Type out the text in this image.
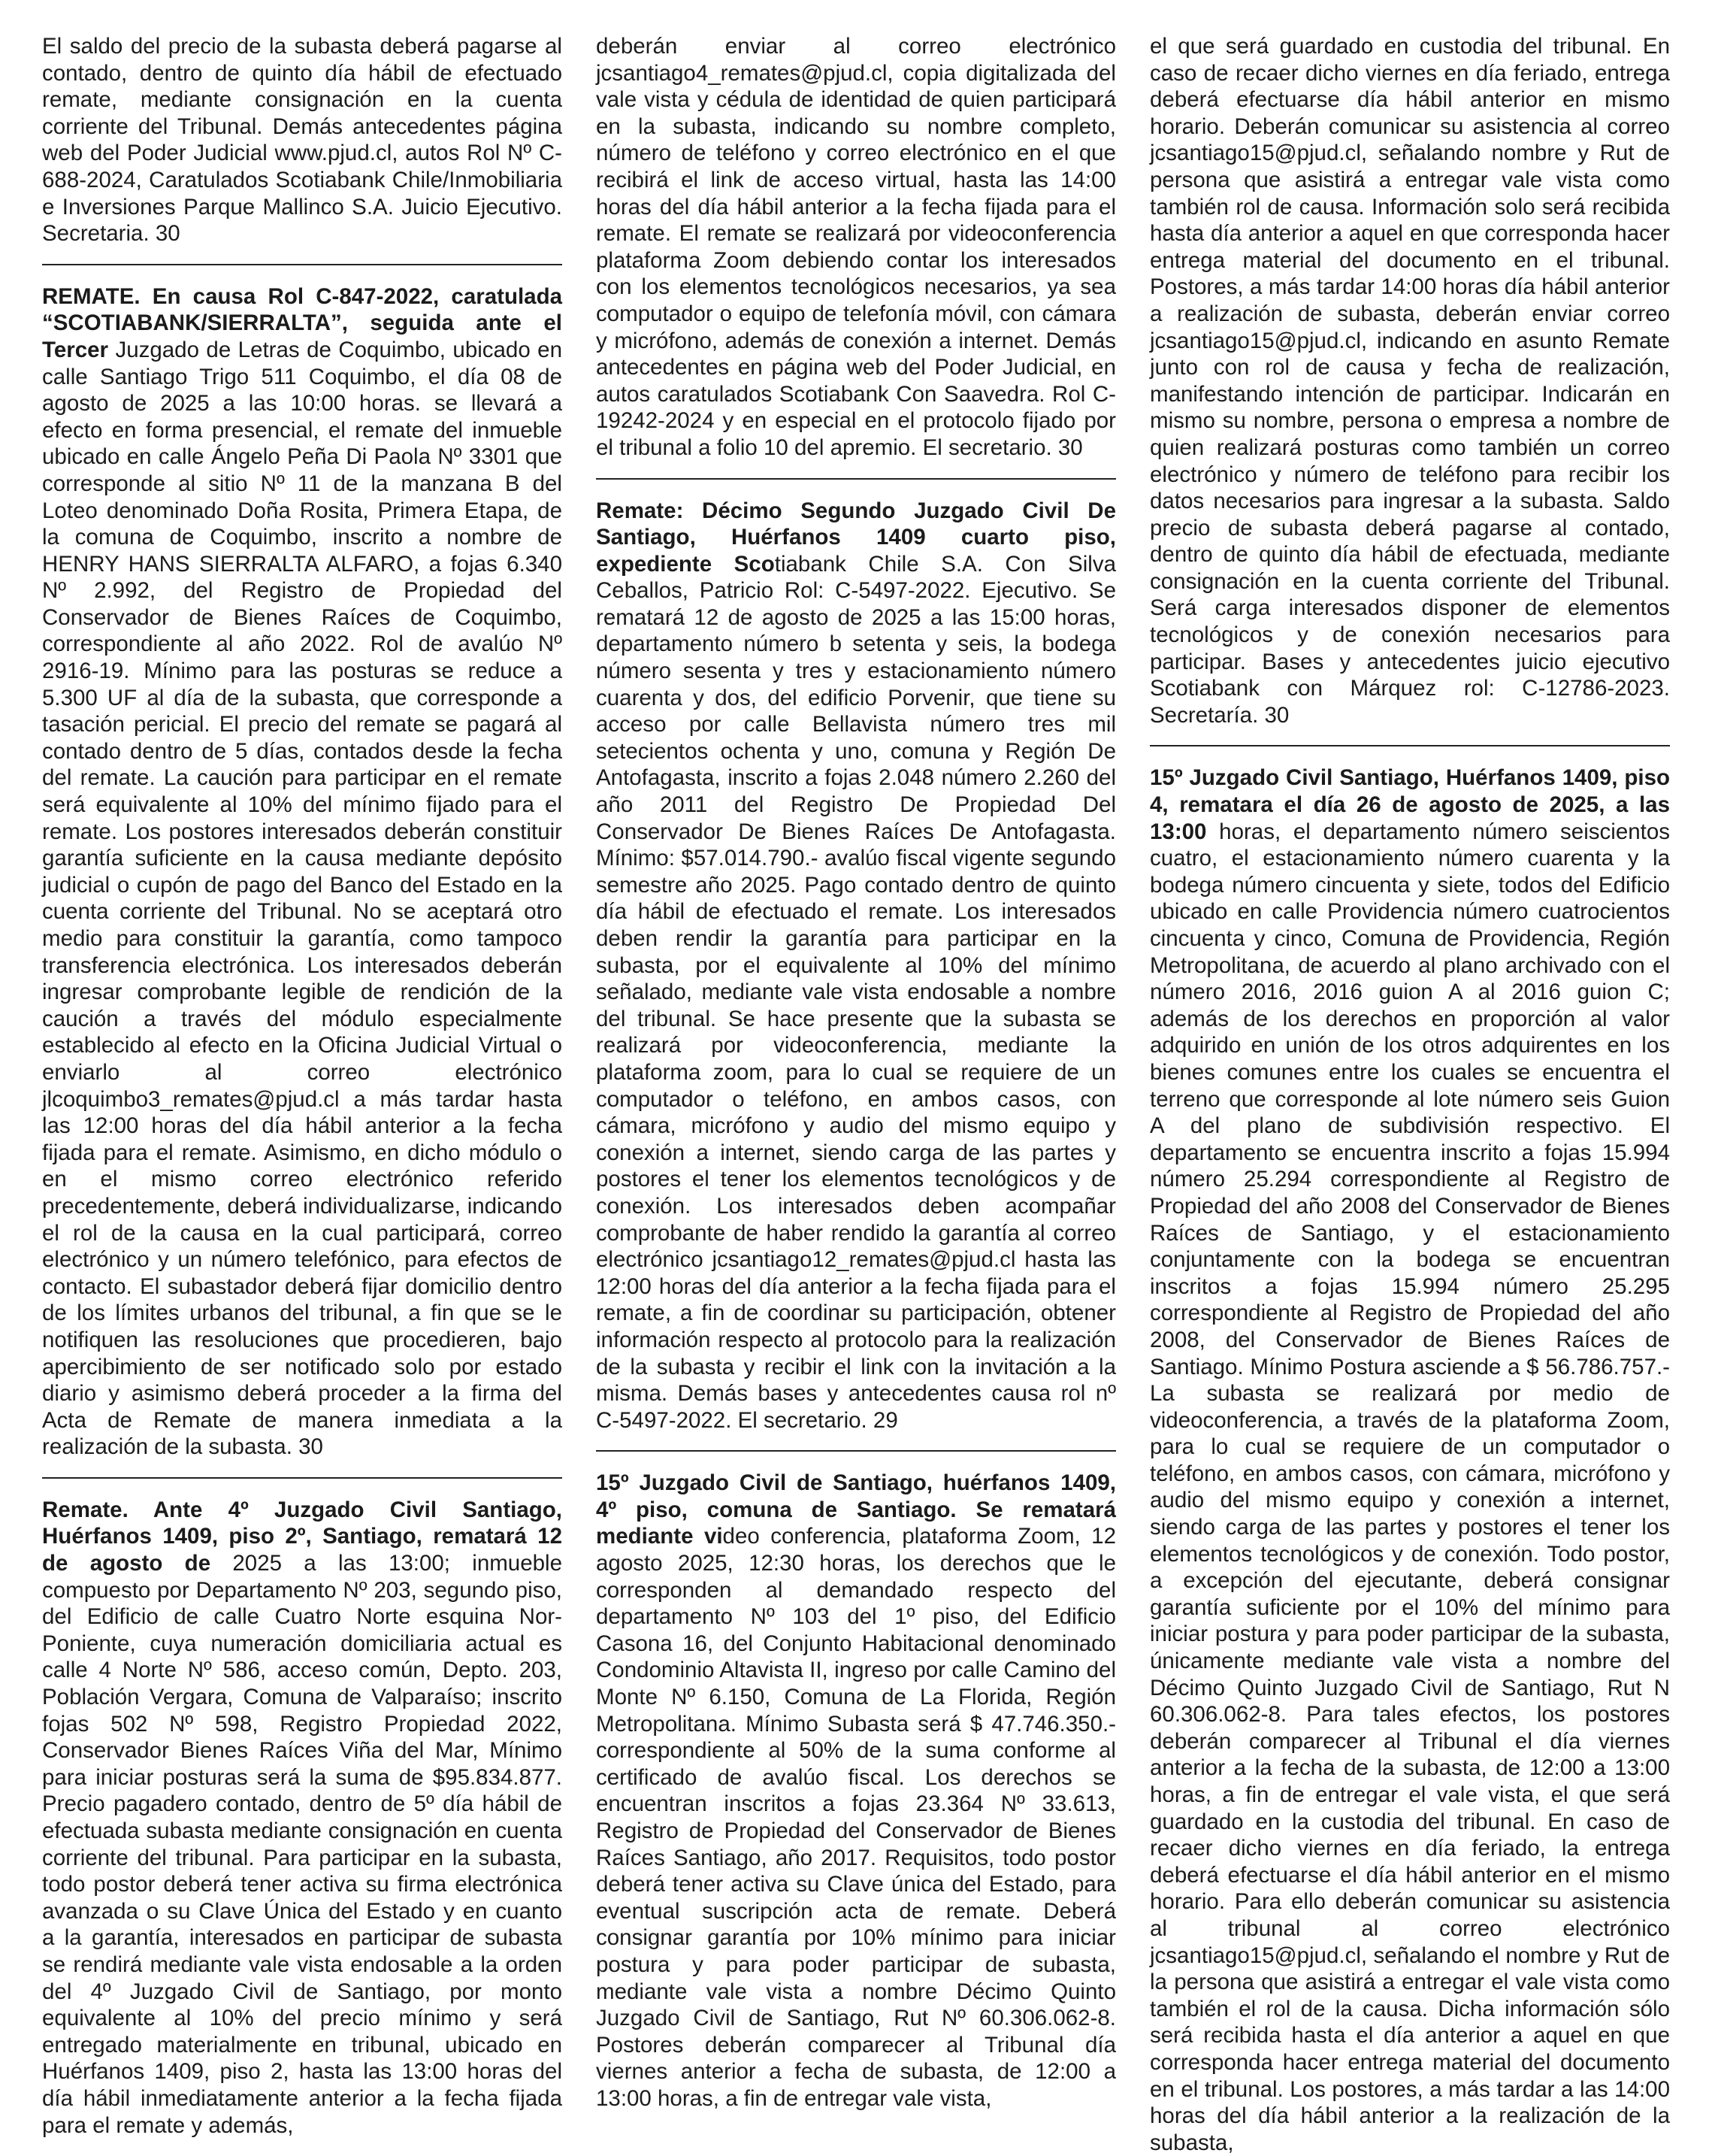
El saldo del precio de la subasta deberá pagarse al contado, dentro de quinto día hábil de efectuado remate, mediante consignación en la cuenta corriente del Tribunal. Demás antecedentes página web del Poder Judicial www.pjud.cl, autos Rol Nº C-688-2024, Caratulados Scotiabank Chile/Inmobiliaria e Inversiones Parque Mallinco S.A. Juicio Ejecutivo. Secretaria. 30

REMATE. En causa Rol C-847-2022, caratulada “SCOTIABANK/SIERRALTA”, seguida ante el Tercer Juzgado de Letras de Coquimbo, ubicado en calle Santiago Trigo 511 Coquimbo, el día 08 de agosto de 2025 a las 10:00 horas. se llevará a efecto en forma presencial, el remate del inmueble ubicado en calle Ángelo Peña Di Paola Nº 3301 que corresponde al sitio Nº 11 de la manzana B del Loteo denominado Doña Rosita, Primera Etapa, de la comuna de Coquimbo, inscrito a nombre de HENRY HANS SIERRALTA ALFARO, a fojas 6.340 Nº 2.992, del Registro de Propiedad del Conservador de Bienes Raíces de Coquimbo, correspondiente al año 2022. Rol de avalúo Nº 2916-19. Mínimo para las posturas se reduce a 5.300 UF al día de la subasta, que corresponde a tasación pericial. El precio del remate se pagará al contado dentro de 5 días, contados desde la fecha del remate. La caución para participar en el remate será equivalente al 10% del mínimo fijado para el remate. Los postores interesados deberán constituir garantía suficiente en la causa mediante depósito judicial o cupón de pago del Banco del Estado en la cuenta corriente del Tribunal. No se aceptará otro medio para constituir la garantía, como tampoco transferencia electrónica. Los interesados deberán ingresar comprobante legible de rendición de la caución a través del módulo especialmente establecido al efecto en la Oficina Judicial Virtual o enviarlo al correo electrónico jlcoquimbo3_remates@pjud.cl a más tardar hasta las 12:00 horas del día hábil anterior a la fecha fijada para el remate. Asimismo, en dicho módulo o en el mismo correo electrónico referido precedentemente, deberá individualizarse, indicando el rol de la causa en la cual participará, correo electrónico y un número telefónico, para efectos de contacto. El subastador deberá fijar domicilio dentro de los límites urbanos del tribunal, a fin que se le notifiquen las resoluciones que procedieren, bajo apercibimiento de ser notificado solo por estado diario y asimismo deberá proceder a la firma del Acta de Remate de manera inmediata a la realización de la subasta. 30

Remate. Ante 4º Juzgado Civil Santiago, Huérfanos 1409, piso 2º, Santiago, rematará 12 de agosto de 2025 a las 13:00; inmueble compuesto por Departamento Nº 203, segundo piso, del Edificio de calle Cuatro Norte esquina Nor-Poniente, cuya numeración domiciliaria actual es calle 4 Norte Nº 586, acceso común, Depto. 203, Población Vergara, Comuna de Valparaíso; inscrito fojas 502 Nº 598, Registro Propiedad 2022, Conservador Bienes Raíces Viña del Mar, Mínimo para iniciar posturas será la suma de $95.834.877. Precio pagadero contado, dentro de 5º día hábil de efectuada subasta mediante consignación en cuenta corriente del tribunal. Para participar en la subasta, todo postor deberá tener activa su firma electrónica avanzada o su Clave Única del Estado y en cuanto a la garantía, interesados en participar de subasta se rendirá mediante vale vista endosable a la orden del 4º Juzgado Civil de Santiago, por monto equivalente al 10% del precio mínimo y será entregado materialmente en tribunal, ubicado en Huérfanos 1409, piso 2, hasta las 13:00 horas del día hábil inmediatamente anterior a la fecha fijada para el remate y además,

deberán enviar al correo electrónico jcsantiago4_remates@pjud.cl, copia digitalizada del vale vista y cédula de identidad de quien participará en la subasta, indicando su nombre completo, número de teléfono y correo electrónico en el que recibirá el link de acceso virtual, hasta las 14:00 horas del día hábil anterior a la fecha fijada para el remate. El remate se realizará por videoconferencia plataforma Zoom debiendo contar los interesados con los elementos tecnológicos necesarios, ya sea computador o equipo de telefonía móvil, con cámara y micrófono, además de conexión a internet. Demás antecedentes en página web del Poder Judicial, en autos caratulados Scotiabank Con Saavedra. Rol C-19242-2024 y en especial en el protocolo fijado por el tribunal a folio 10 del apremio. El secretario. 30

Remate: Décimo Segundo Juzgado Civil De Santiago, Huérfanos 1409 cuarto piso, expediente Scotiabank Chile S.A. Con Silva Ceballos, Patricio Rol: C-5497-2022. Ejecutivo. Se rematará 12 de agosto de 2025 a las 15:00 horas, departamento número b setenta y seis, la bodega número sesenta y tres y estacionamiento número cuarenta y dos, del edificio Porvenir, que tiene su acceso por calle Bellavista número tres mil setecientos ochenta y uno, comuna y Región De Antofagasta, inscrito a fojas 2.048 número 2.260 del año 2011 del Registro De Propiedad Del Conservador De Bienes Raíces De Antofagasta. Mínimo: $57.014.790.- avalúo fiscal vigente segundo semestre año 2025. Pago contado dentro de quinto día hábil de efectuado el remate. Los interesados deben rendir la garantía para participar en la subasta, por el equivalente al 10% del mínimo señalado, mediante vale vista endosable a nombre del tribunal. Se hace presente que la subasta se realizará por videoconferencia, mediante la plataforma zoom, para lo cual se requiere de un computador o teléfono, en ambos casos, con cámara, micrófono y audio del mismo equipo y conexión a internet, siendo carga de las partes y postores el tener los elementos tecnológicos y de conexión. Los interesados deben acompañar comprobante de haber rendido la garantía al correo electrónico jcsantiago12_remates@pjud.cl hasta las 12:00 horas del día anterior a la fecha fijada para el remate, a fin de coordinar su participación, obtener información respecto al protocolo para la realización de la subasta y recibir el link con la invitación a la misma. Demás bases y antecedentes causa rol nº C-5497-2022. El secretario. 29

15º Juzgado Civil de Santiago, huérfanos 1409, 4º piso, comuna de Santiago. Se rematará mediante video conferencia, plataforma Zoom, 12 agosto 2025, 12:30 horas, los derechos que le corresponden al demandado respecto del departamento Nº 103 del 1º piso, del Edificio Casona 16, del Conjunto Habitacional denominado Condominio Altavista II, ingreso por calle Camino del Monte Nº 6.150, Comuna de La Florida, Región Metropolitana. Mínimo Subasta será $ 47.746.350.- correspondiente al 50% de la suma conforme al certificado de avalúo fiscal. Los derechos se encuentran inscritos a fojas 23.364 Nº 33.613, Registro de Propiedad del Conservador de Bienes Raíces Santiago, año 2017. Requisitos, todo postor deberá tener activa su Clave única del Estado, para eventual suscripción acta de remate. Deberá consignar garantía por 10% mínimo para iniciar postura y para poder participar de subasta, mediante vale vista a nombre Décimo Quinto Juzgado Civil de Santiago, Rut Nº 60.306.062-8. Postores deberán comparecer al Tribunal día viernes anterior a fecha de subasta, de 12:00 a 13:00 horas, a fin de entregar vale vista,

el que será guardado en custodia del tribunal. En caso de recaer dicho viernes en día feriado, entrega deberá efectuarse día hábil anterior en mismo horario. Deberán comunicar su asistencia al correo jcsantiago15@pjud.cl, señalando nombre y Rut de persona que asistirá a entregar vale vista como también rol de causa. Información solo será recibida hasta día anterior a aquel en que corresponda hacer entrega material del documento en el tribunal. Postores, a más tardar 14:00 horas día hábil anterior a realización de subasta, deberán enviar correo jcsantiago15@pjud.cl, indicando en asunto Remate junto con rol de causa y fecha de realización, manifestando intención de participar. Indicarán en mismo su nombre, persona o empresa a nombre de quien realizará posturas como también un correo electrónico y número de teléfono para recibir los datos necesarios para ingresar a la subasta. Saldo precio de subasta deberá pagarse al contado, dentro de quinto día hábil de efectuada, mediante consignación en la cuenta corriente del Tribunal. Será carga interesados disponer de elementos tecnológicos y de conexión necesarios para participar. Bases y antecedentes juicio ejecutivo Scotiabank con Márquez rol: C-12786-2023. Secretaría. 30

15º Juzgado Civil Santiago, Huérfanos 1409, piso 4, rematara el día 26 de agosto de 2025, a las 13:00 horas, el departamento número seiscientos cuatro, el estacionamiento número cuarenta y la bodega número cincuenta y siete, todos del Edificio ubicado en calle Providencia número cuatrocientos cincuenta y cinco, Comuna de Providencia, Región Metropolitana, de acuerdo al plano archivado con el número 2016, 2016 guion A al 2016 guion C; además de los derechos en proporción al valor adquirido en unión de los otros adquirentes en los bienes comunes entre los cuales se encuentra el terreno que corresponde al lote número seis Guion A del plano de subdivisión respectivo. El departamento se encuentra inscrito a fojas 15.994 número 25.294 correspondiente al Registro de Propiedad del año 2008 del Conservador de Bienes Raíces de Santiago, y el estacionamiento conjuntamente con la bodega se encuentran inscritos a fojas 15.994 número 25.295 correspondiente al Registro de Propiedad del año 2008, del Conservador de Bienes Raíces de Santiago. Mínimo Postura asciende a $ 56.786.757.- La subasta se realizará por medio de videoconferencia, a través de la plataforma Zoom, para lo cual se requiere de un computador o teléfono, en ambos casos, con cámara, micrófono y audio del mismo equipo y conexión a internet, siendo carga de las partes y postores el tener los elementos tecnológicos y de conexión. Todo postor, a excepción del ejecutante, deberá consignar garantía suficiente por el 10% del mínimo para iniciar postura y para poder participar de la subasta, únicamente mediante vale vista a nombre del Décimo Quinto Juzgado Civil de Santiago, Rut N 60.306.062-8. Para tales efectos, los postores deberán comparecer al Tribunal el día viernes anterior a la fecha de la subasta, de 12:00 a 13:00 horas, a fin de entregar el vale vista, el que será guardado en la custodia del tribunal. En caso de recaer dicho viernes en día feriado, la entrega deberá efectuarse el día hábil anterior en el mismo horario. Para ello deberán comunicar su asistencia al tribunal al correo electrónico jcsantiago15@pjud.cl, señalando el nombre y Rut de la persona que asistirá a entregar el vale vista como también el rol de la causa. Dicha información sólo será recibida hasta el día anterior a aquel en que corresponda hacer entrega material del documento en el tribunal. Los postores, a más tardar a las 14:00 horas del día hábil anterior a la realización de la subasta,
